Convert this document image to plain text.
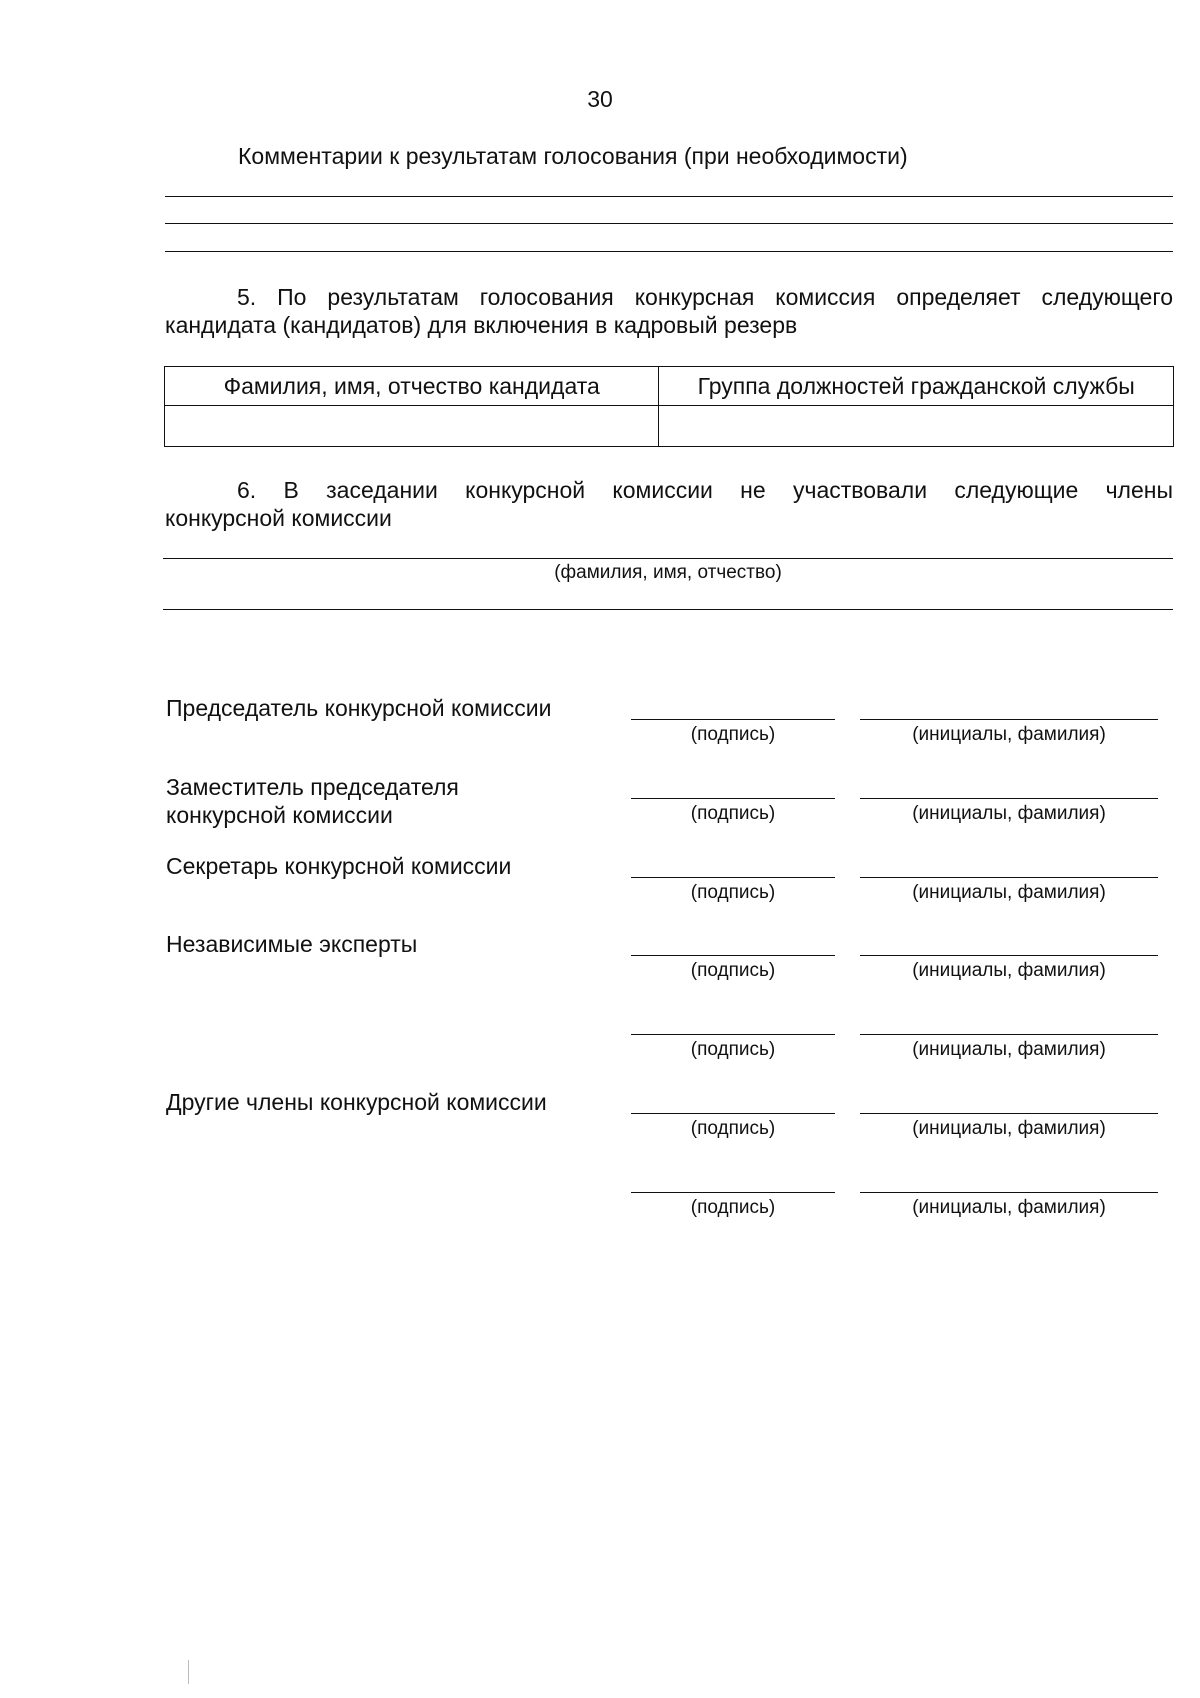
30
Комментарии к результатам голосования (при необходимости)
5. По результатам голосования конкурсная комиссия определяет следующего
кандидата (кандидатов) для включения в кадровый резерв
Фамилия, имя, отчество кандидата	Группа должностей гражданской службы

6. В заседании конкурсной комиссии не участвовали следующие члены
конкурсной комиссии
(фамилия, имя, отчество)
Председатель конкурсной комиссии
(подпись)	(инициалы, фамилия)
Заместитель председателя
конкурсной комиссии	(подпись)	(инициалы, фамилия)
Секретарь конкурсной комиссии
(подпись)	(инициалы, фамилия)
Независимые эксперты
(подпись)	(инициалы, фамилия)
(подпись)	(инициалы, фамилия)
Другие члены конкурсной комиссии
(подпись)	(инициалы, фамилия)
(подпись)	(инициалы, фамилия)
